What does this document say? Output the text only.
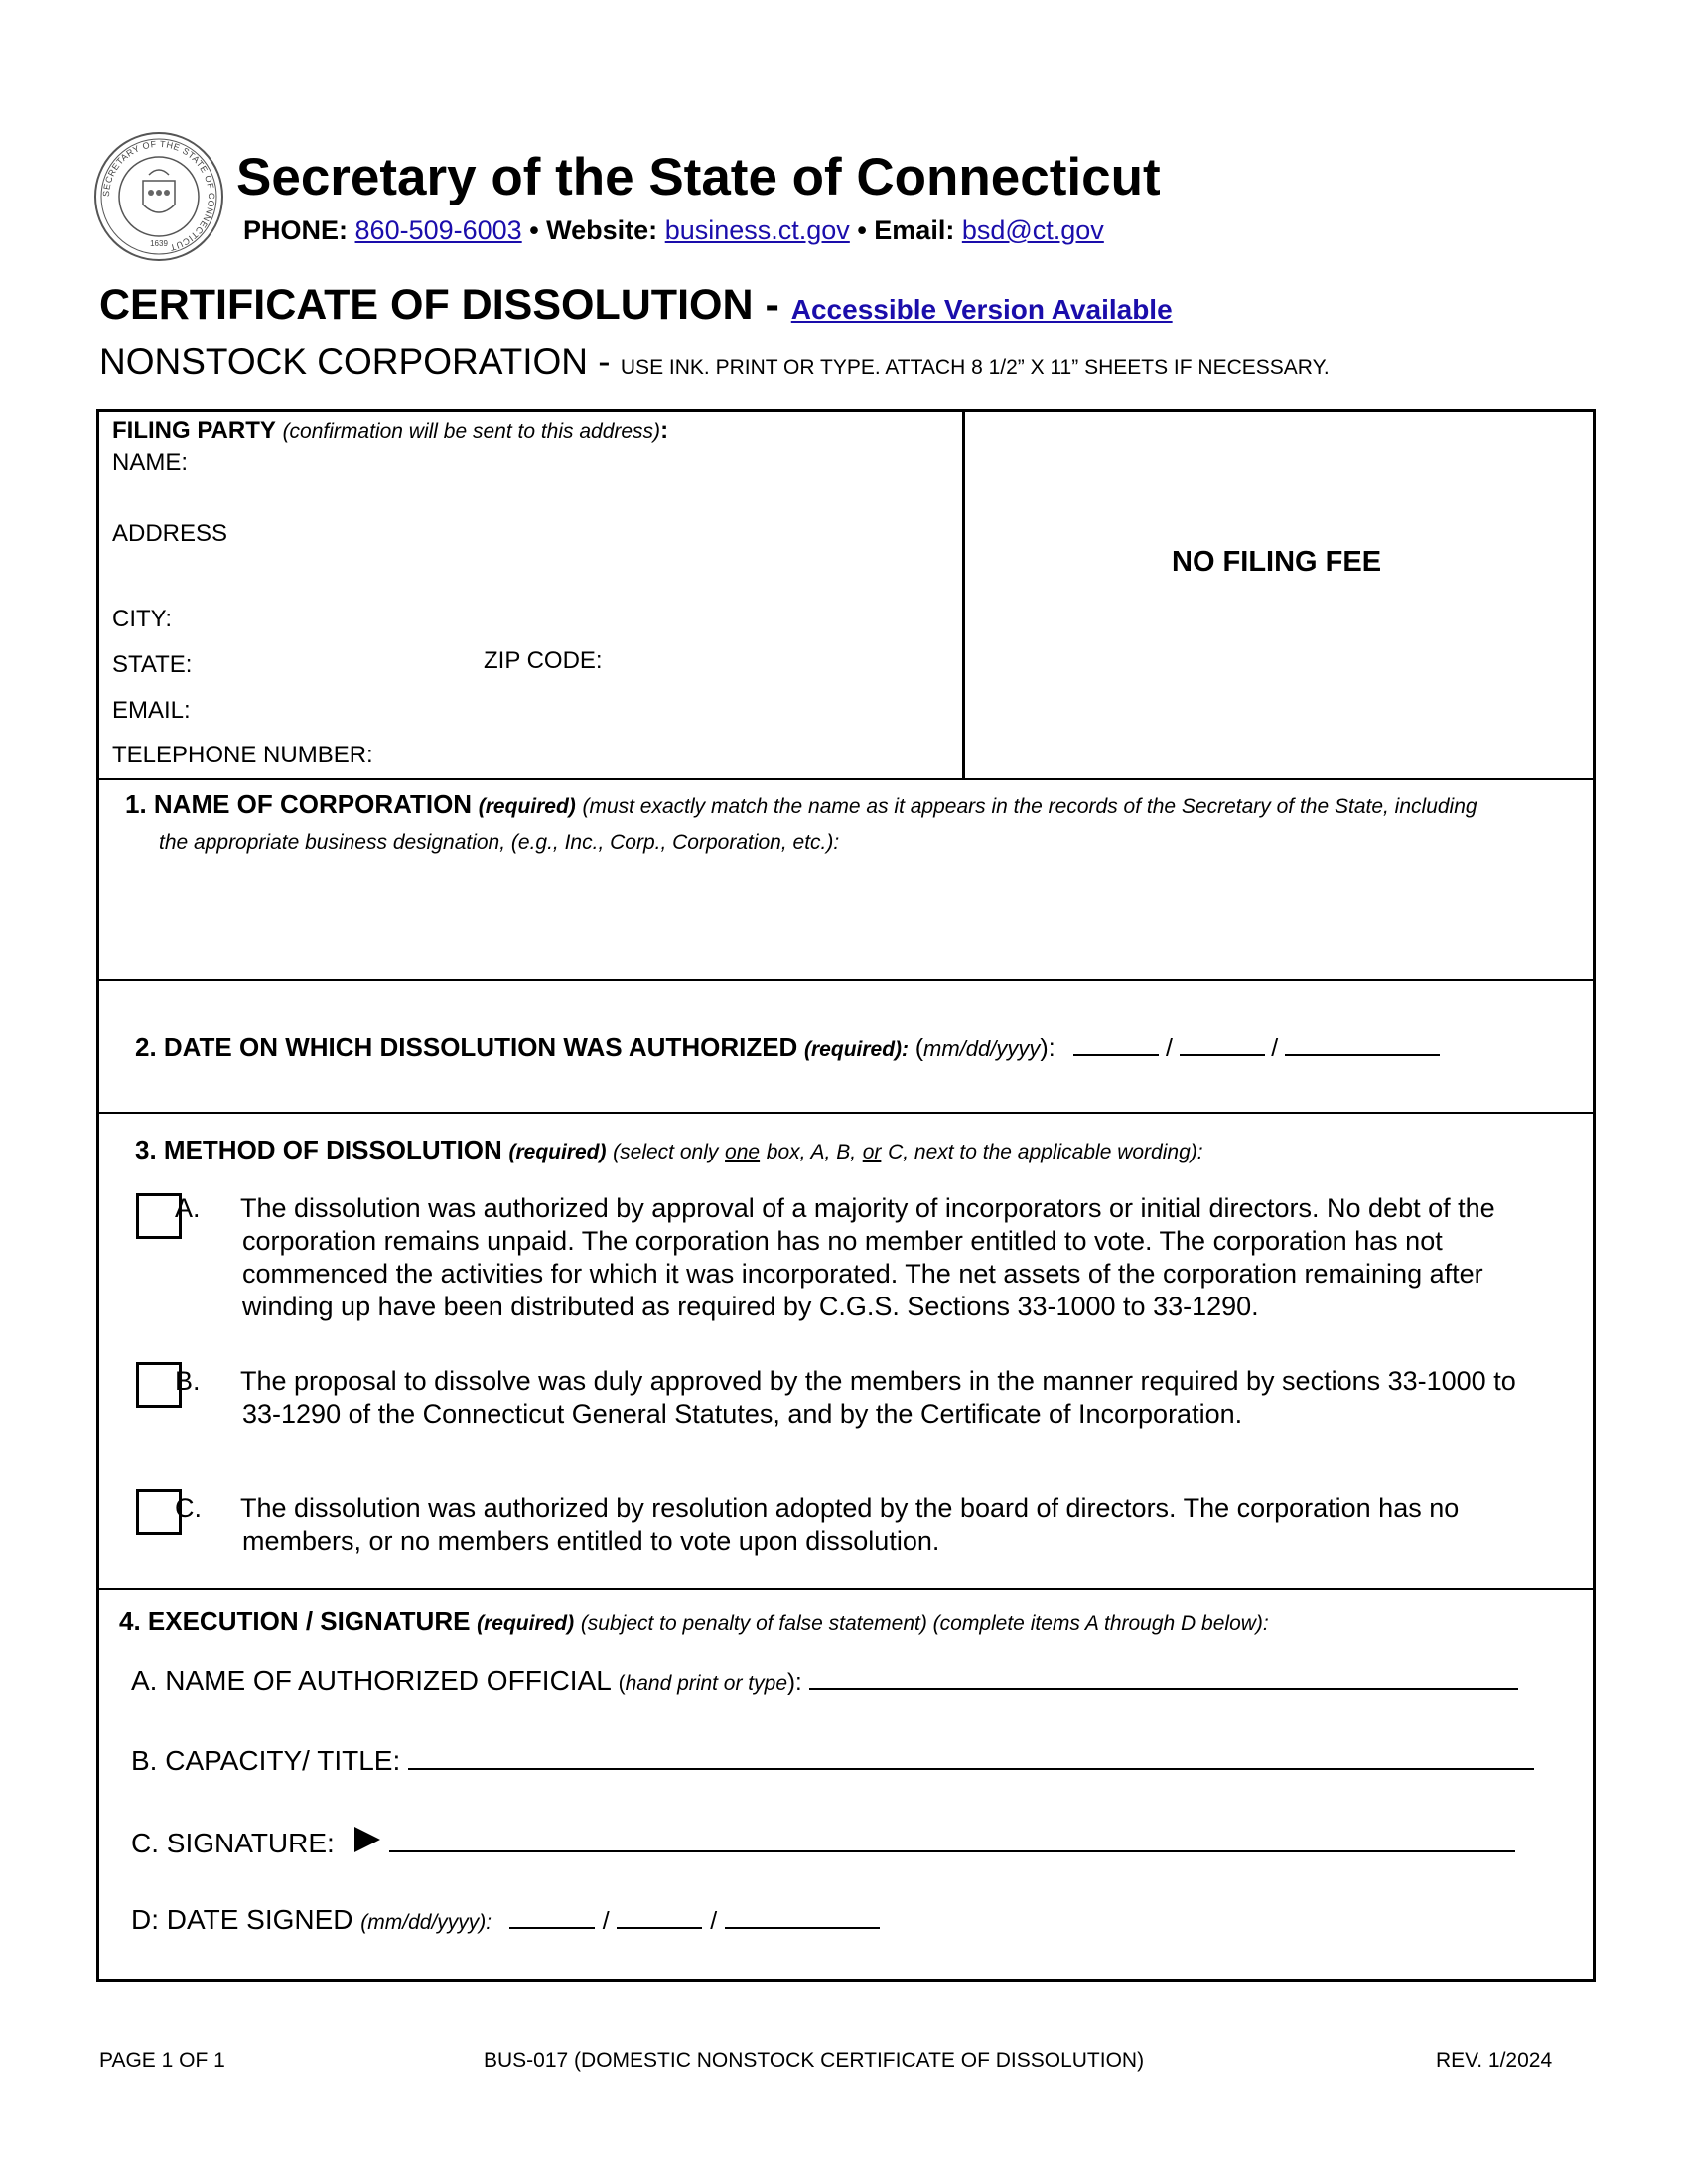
SECRETARY OF THE STATE OF CONNECTICUT
1639
Secretary of the State of Connecticut
PHONE: 860-509-6003 • Website: business.ct.gov • Email: bsd@ct.gov
CERTIFICATE OF DISSOLUTION - Accessible Version Available
NONSTOCK CORPORATION - USE INK. PRINT OR TYPE. ATTACH 8 1/2” X 11” SHEETS IF NECESSARY.
FILING PARTY (confirmation will be sent to this address):
NAME:
ADDRESS
CITY:
STATE:	ZIP CODE:
EMAIL:
TELEPHONE NUMBER:
NO FILING FEE
1. NAME OF CORPORATION (required) (must exactly match the name as it appears in the records of the Secretary of the State, including
the appropriate business designation, (e.g., Inc., Corp., Corporation, etc.):
2. DATE ON WHICH DISSOLUTION WAS AUTHORIZED (required): (mm/dd/yyyy):	/	/
3. METHOD OF DISSOLUTION (required) (select only one box, A, B, or C, next to the applicable wording):
A. The dissolution was authorized by approval of a majority of incorporators or initial directors. No debt of the corporation remains unpaid. The corporation has no member entitled to vote. The corporation has not commenced the activities for which it was incorporated. The net assets of the corporation remaining after winding up have been distributed as required by C.G.S. Sections 33-1000 to 33-1290.
B. The proposal to dissolve was duly approved by the members in the manner required by sections 33-1000 to 33-1290 of the Connecticut General Statutes, and by the Certificate of Incorporation.
C. The dissolution was authorized by resolution adopted by the board of directors. The corporation has no members, or no members entitled to vote upon dissolution.
4. EXECUTION / SIGNATURE (required) (subject to penalty of false statement) (complete items A through D below):
A. NAME OF AUTHORIZED OFFICIAL (hand print or type):
B. CAPACITY/ TITLE:
C. SIGNATURE:
D: DATE SIGNED (mm/dd/yyyy):	/	/
PAGE 1 OF 1	BUS-017 (DOMESTIC NONSTOCK CERTIFICATE OF DISSOLUTION)	REV. 1/2024
